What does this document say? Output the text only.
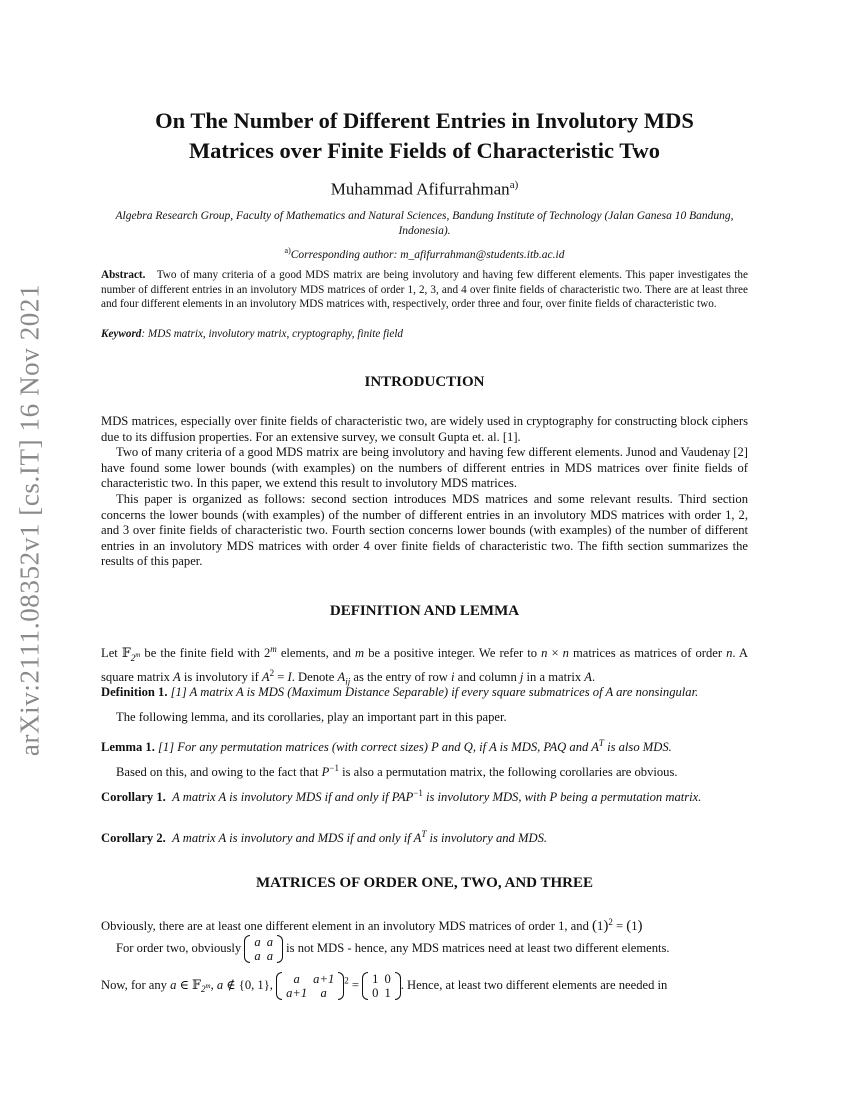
arXiv:2111.08352v1 [cs.IT] 16 Nov 2021
On The Number of Different Entries in Involutory MDS
Matrices over Finite Fields of Characteristic Two
Muhammad Afifurrahman$^{a)}$
Algebra Research Group, Faculty of Mathematics and Natural Sciences, Bandung Institute of Technology (Jalan Ganesa 10 Bandung, Indonesia).
$^{a)}$Corresponding author: m_afifurrahman@students.itb.ac.id
Abstract. Two of many criteria of a good MDS matrix are being involutory and having few different elements. This paper investigates the number of different entries in an involutory MDS matrices of order 1, 2, 3, and 4 over finite fields of characteristic two. There are at least three and four different elements in an involutory MDS matrices with, respectively, order three and four, over finite fields of characteristic two.
Keyword: MDS matrix, involutory matrix, cryptography, finite field
INTRODUCTION
MDS matrices, especially over finite fields of characteristic two, are widely used in cryptography for constructing block ciphers due to its diffusion properties. For an extensive survey, we consult Gupta et. al. [1].
Two of many criteria of a good MDS matrix are being involutory and having few different elements. Junod and Vaudenay [2] have found some lower bounds (with examples) on the numbers of different entries in MDS matrices over finite fields of characteristic two. In this paper, we extend this result to involutory MDS matrices.
This paper is organized as follows: second section introduces MDS matrices and some relevant results. Third section concerns the lower bounds (with examples) of the number of different entries in an involutory MDS matrices with order 1, 2, and 3 over finite fields of characteristic two. Fourth section concerns lower bounds (with examples) of the number of different entries in an involutory MDS matrices with order 4 over finite fields of characteristic two. The fifth section summarizes the results of this paper.
DEFINITION AND LEMMA
Let 𝔽$_{2^m}$ be the finite field with 2$^m$ elements, and m be a positive integer. We refer to n × n matrices as matrices of order n. A square matrix A is involutory if $A^2 = I$. Denote $A_{ij}$ as the entry of row i and column j in a matrix A.
Definition 1. [1] A matrix A is MDS (Maximum Distance Separable) if every square submatrices of A are nonsingular.
The following lemma, and its corollaries, play an important part in this paper.
Lemma 1. [1] For any permutation matrices (with correct sizes) P and Q, if A is MDS, PAQ and $A^T$ is also MDS.
Based on this, and owing to the fact that $P^{-1}$ is also a permutation matrix, the following corollaries are obvious.
Corollary 1. A matrix A is involutory MDS if and only if $PAP^{-1}$ is involutory MDS, with P being a permutation matrix.
Corollary 2. A matrix A is involutory and MDS if and only if $A^T$ is involutory and MDS.
MATRICES OF ORDER ONE, TWO, AND THREE
Obviously, there are at least one different element in an involutory MDS matrices of order 1, and $(1)^2 = (1)$
For order two, obviously a	a
a	a
is not MDS - hence, any MDS matrices need at least two different elements.
Now, for any a ∈ 𝔽$_{2^m}$, a ∉ {0, 1}, a	a+1
a+1	a
$^2$ = 1	0
0	1
. Hence, at least two different elements are needed in
